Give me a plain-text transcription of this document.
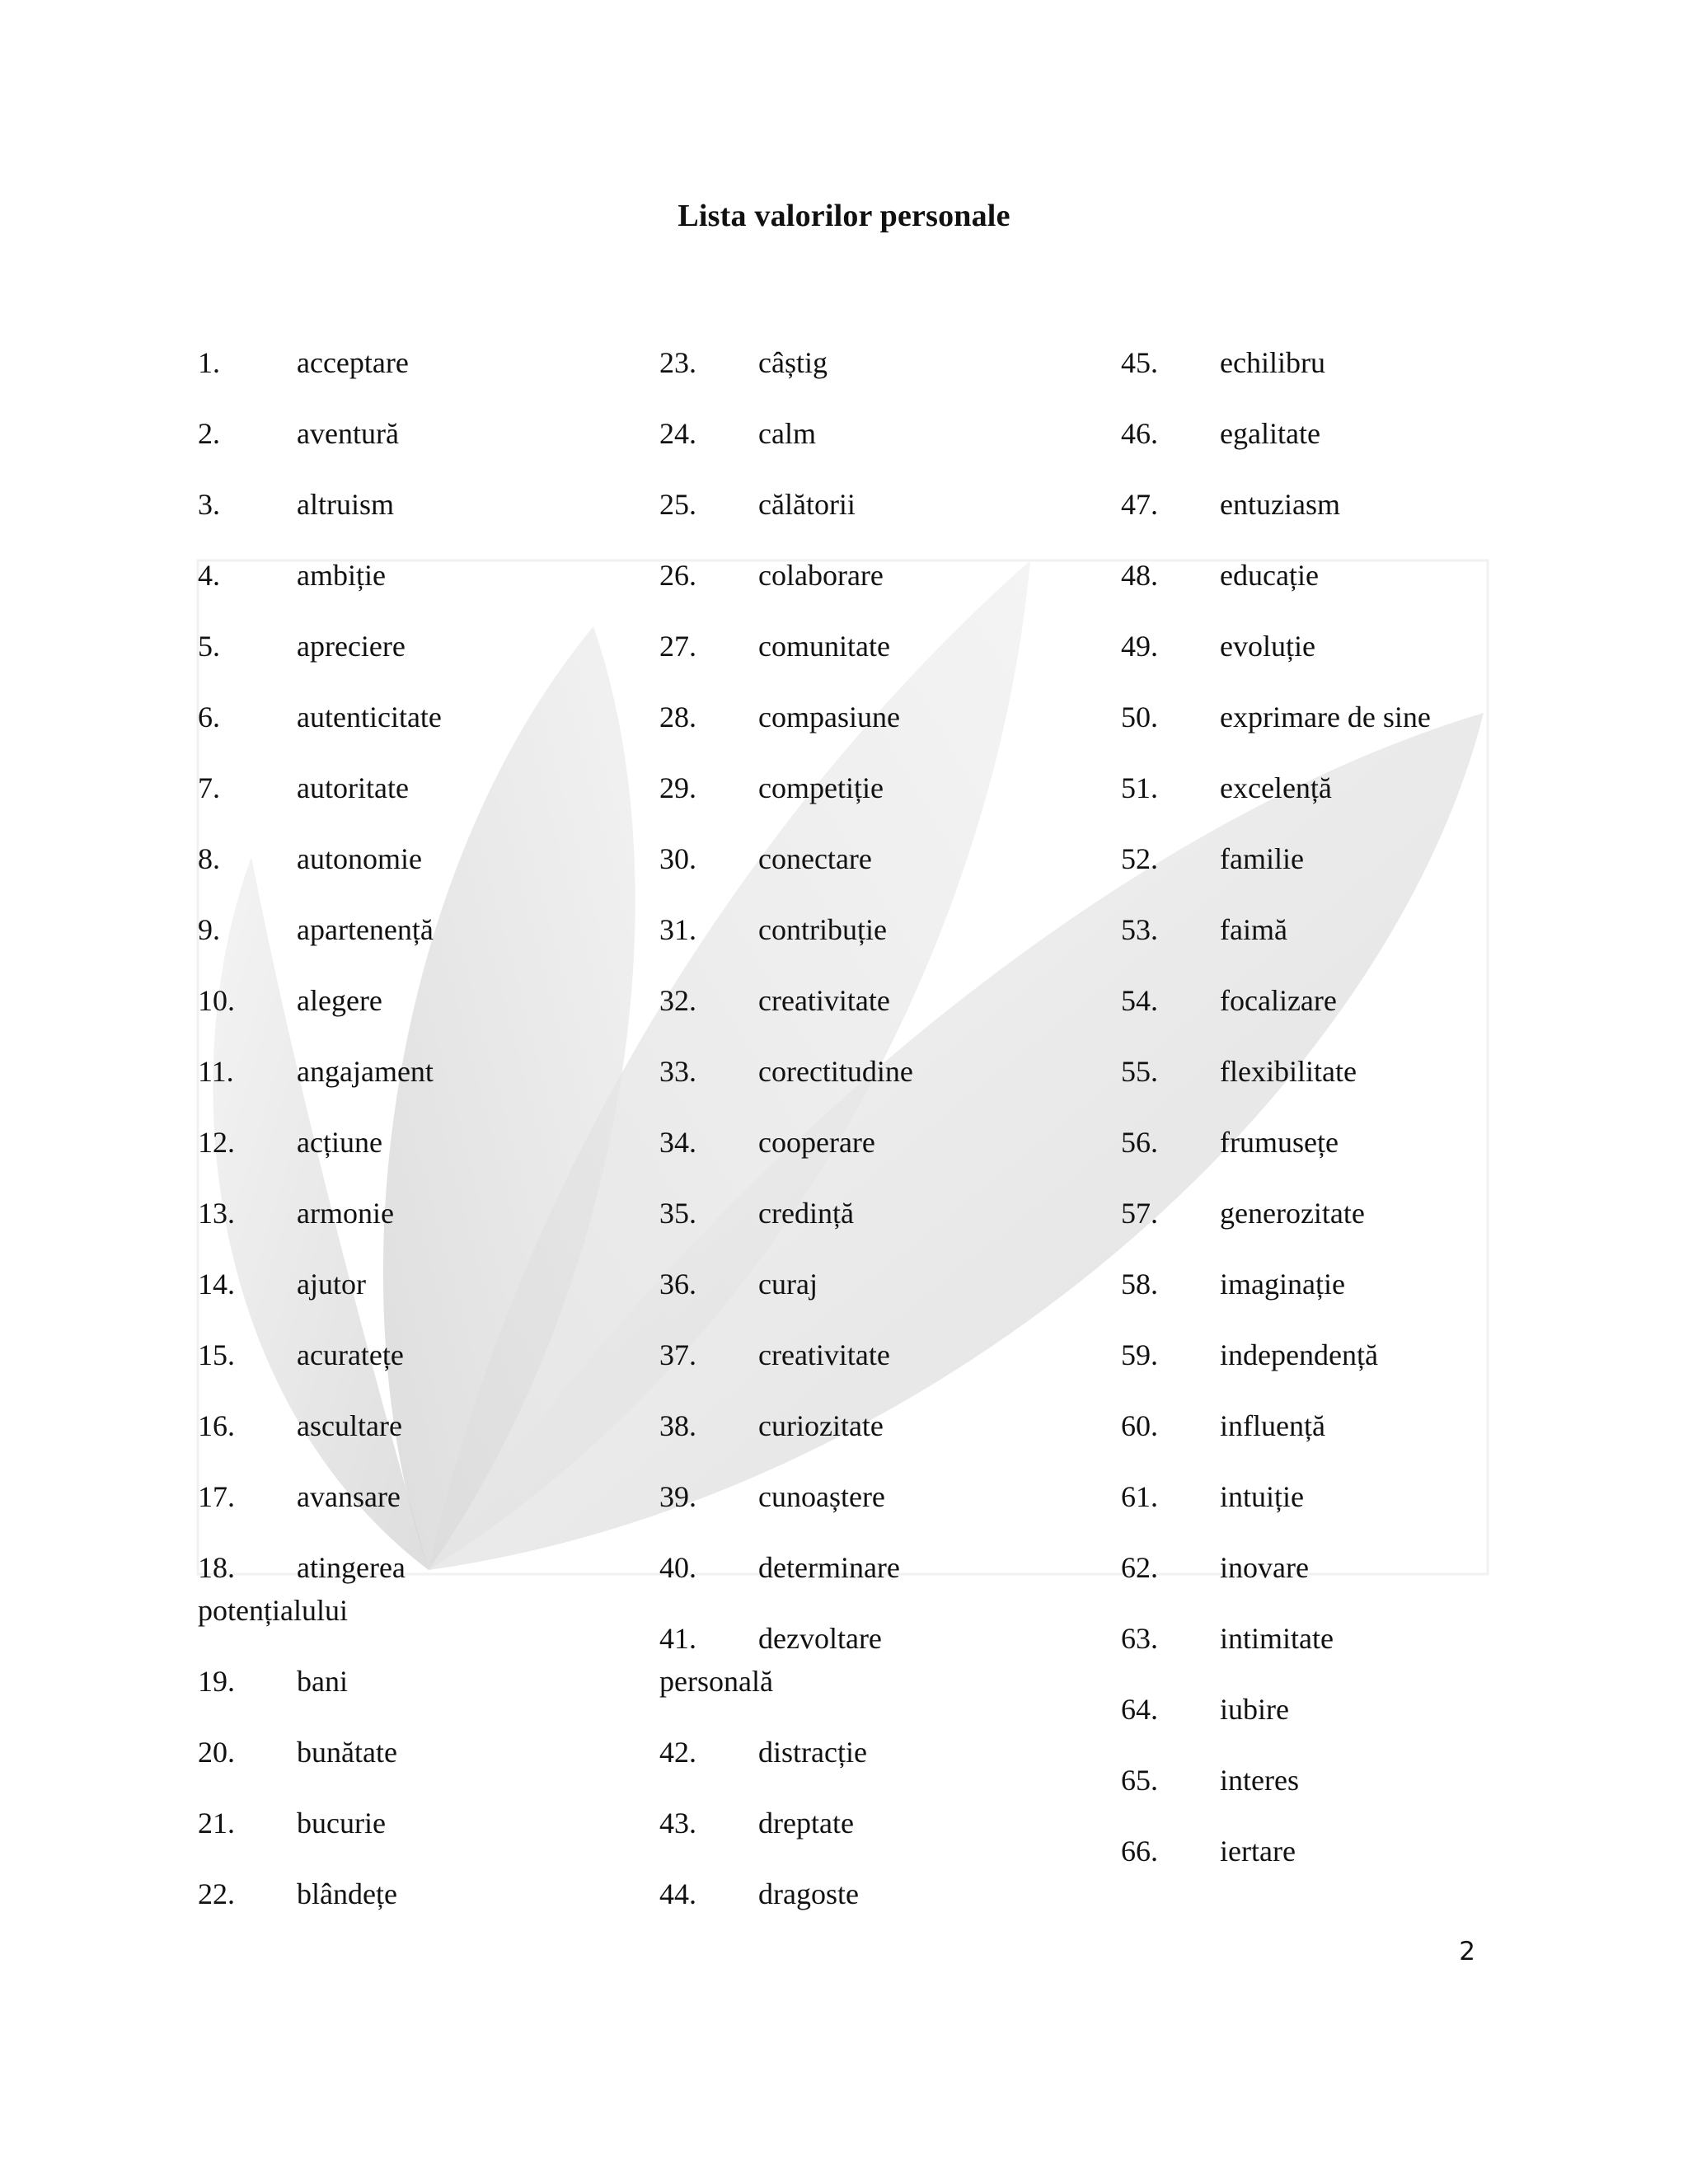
Lista valorilor personale
1.	acceptare
2.	aventură
3.	altruism
4.	ambiție
5.	apreciere
6.	autenticitate
7.	autoritate
8.	autonomie
9.	apartenență
10.	alegere
11.	angajament
12.	acțiune
13.	armonie
14.	ajutor
15.	acuratețe
16.	ascultare
17.	avansare
18. atingerea
potențialului
19.	bani
20.	bunătate
21.	bucurie
22.	blândețe
23.	câștig
24.	calm
25.	călătorii
26.	colaborare
27.	comunitate
28.	compasiune
29.	competiție
30.	conectare
31.	contribuție
32.	creativitate
33.	corectitudine
34.	cooperare
35.	credință
36.	curaj
37.	creativitate
38.	curiozitate
39.	cunoaștere
40.	determinare
41. dezvoltare
personală
42.	distracție
43.	dreptate
44.	dragoste
45.	echilibru
46.	egalitate
47.	entuziasm
48.	educație
49.	evoluție
50.	exprimare de sine
51.	excelență
52.	familie
53.	faimă
54.	focalizare
55.	flexibilitate
56.	frumusețe
57.	generozitate
58.	imaginație
59.	independență
60.	influență
61.	intuiție
62.	inovare
63.	intimitate
64.	iubire
65.	interes
66.	iertare
2
